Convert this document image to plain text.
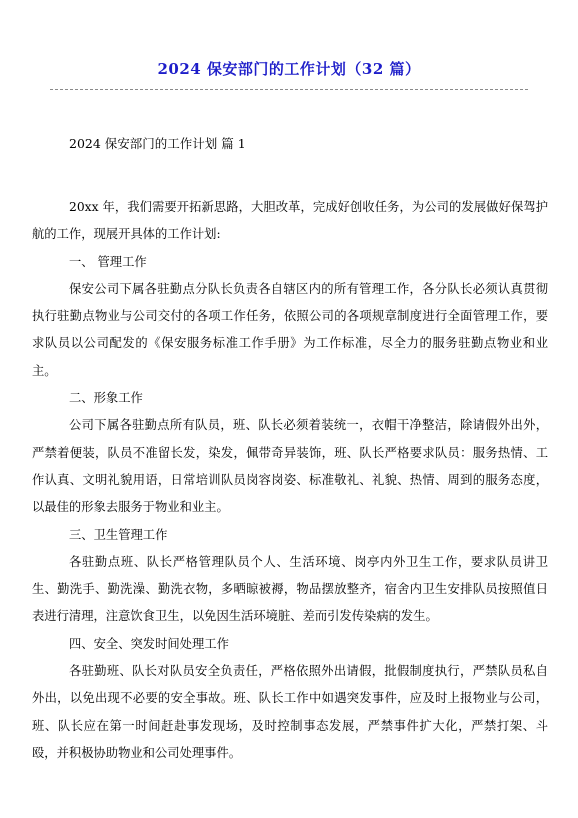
2024 保安部门的工作计划（32 篇）
2024 保安部门的工作计划 篇 1

20xx 年，我们需要开拓新思路，大胆改革，完成好创收任务，为公司的发展做好保驾护航的工作，现展开具体的工作计划:

一、 管理工作

保安公司下属各驻勤点分队长负责各自辖区内的所有管理工作，各分队长必须认真贯彻执行驻勤点物业与公司交付的各项工作任务，依照公司的各项规章制度进行全面管理工作，要求队员以公司配发的《保安服务标准工作手册》为工作标准，尽全力的服务驻勤点物业和业主。

二、形象工作

公司下属各驻勤点所有队员，班、队长必须着装统一，衣帽干净整洁，除请假外出外，严禁着便装，队员不准留长发，染发，佩带奇异装饰，班、队长严格要求队员：服务热情、工作认真、文明礼貌用语，日常培训队员岗容岗姿、标准敬礼、礼貌、热情、周到的服务态度，以最佳的形象去服务于物业和业主。

三、卫生管理工作

各驻勤点班、队长严格管理队员个人、生活环境、岗亭内外卫生工作，要求队员讲卫生、勤洗手、勤洗澡、勤洗衣物，多晒晾被褥，物品摆放整齐，宿舍内卫生安排队员按照值日表进行清理，注意饮食卫生，以免因生活环境脏、差而引发传染病的发生。

四、安全、突发时间处理工作

各驻勤班、队长对队员安全负责任，严格依照外出请假，批假制度执行，严禁队员私自外出，以免出现不必要的安全事故。班、队长工作中如遇突发事件，应及时上报物业与公司，班、队长应在第一时间赶赴事发现场，及时控制事态发展，严禁事件扩大化，严禁打架、斗殴，并积极协助物业和公司处理事件。
